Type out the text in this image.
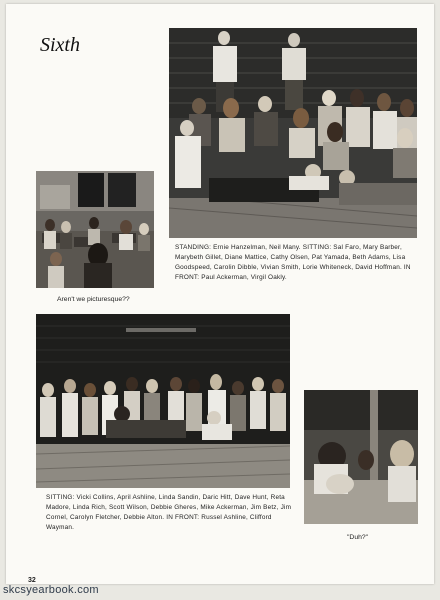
Sixth
STANDING: Ernie Hanzelman, Neil Many. SITTING: Sal Faro, Mary Barber, Marybeth Gillet, Diane Mattice, Cathy Olsen, Pat Yamada, Beth Adams, Lisa Goodspeed, Carolin Dibble, Vivian Smith, Lorie Whiteneck, David Hoffman. IN FRONT: Paul Ackerman, Virgil Oakly.
Aren't we picturesque??
SITTING: Vicki Collins, April Ashline, Linda Sandin, Daric Hitt, Dave Hunt, Reta Madore, Linda Rich, Scott Wilson, Debbie Gheres, Mike Ackerman, Jim Betz, Jim Cornel, Carolyn Fletcher, Debbie Alton. IN FRONT: Russel Ashline, Clifford Wayman.
"Duh?"
32
skcsyearbook.com
